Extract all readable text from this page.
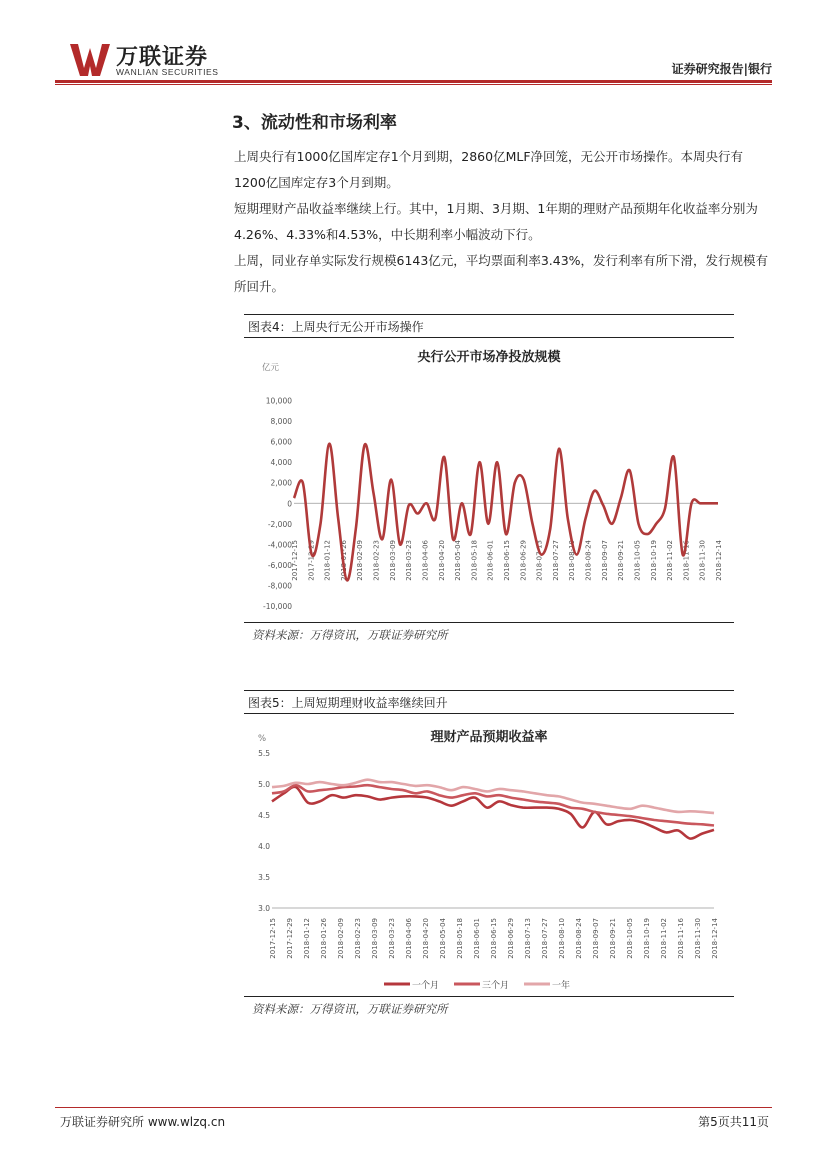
万联证券
WANLIAN SECURITIES	证券研究报告|银行
3、流动性和市场利率

上周央行有1000亿国库定存1个月到期，2860亿MLF净回笼，无公开市场操作。本周央行有1200亿国库定存3个月到期。

短期理财产品收益率继续上行。其中，1月期、3月期、1年期的理财产品预期年化收益率分别为4.26%、4.33%和4.53%，中长期利率小幅波动下行。

上周，同业存单实际发行规模6143亿元，平均票面利率3.43%，发行利率有所下滑，发行规模有所回升。

图表4：上周央行无公开市场操作
央行公开市场净投放规模
亿元
10,000
8,000
6,000
4,000
2,000
0
-2,000
-4,000
-6,000
-8,000
-10,000
2017-12-15 2017-12-29 2018-01-12 2018-01-26 2018-02-09 2018-02-23 2018-03-09 2018-03-23 2018-04-06 2018-04-20 2018-05-04 2018-05-18 2018-06-01 2018-06-15 2018-06-29 2018-07-13 2018-07-27 2018-08-10 2018-08-24 2018-09-07 2018-09-21 2018-10-05 2018-10-19 2018-11-02 2018-11-16 2018-11-30 2018-12-14
资料来源：万得资讯，万联证券研究所
图表5：上周短期理财收益率继续回升
理财产品预期收益率
%
5.5
5.0
4.5
4.0
3.5
3.0
2017-12-15 2017-12-29 2018-01-12 2018-01-26 2018-02-09 2018-02-23 2018-03-09 2018-03-23 2018-04-06 2018-04-20 2018-05-04 2018-05-18 2018-06-01 2018-06-15 2018-06-29 2018-07-13 2018-07-27 2018-08-10 2018-08-24 2018-09-07 2018-09-21 2018-10-05 2018-10-19 2018-11-02 2018-11-16 2018-11-30 2018-12-14
一个月	三个月	一年
资料来源：万得资讯，万联证券研究所
万联证券研究所 www.wlzq.cn	第5页共11页
